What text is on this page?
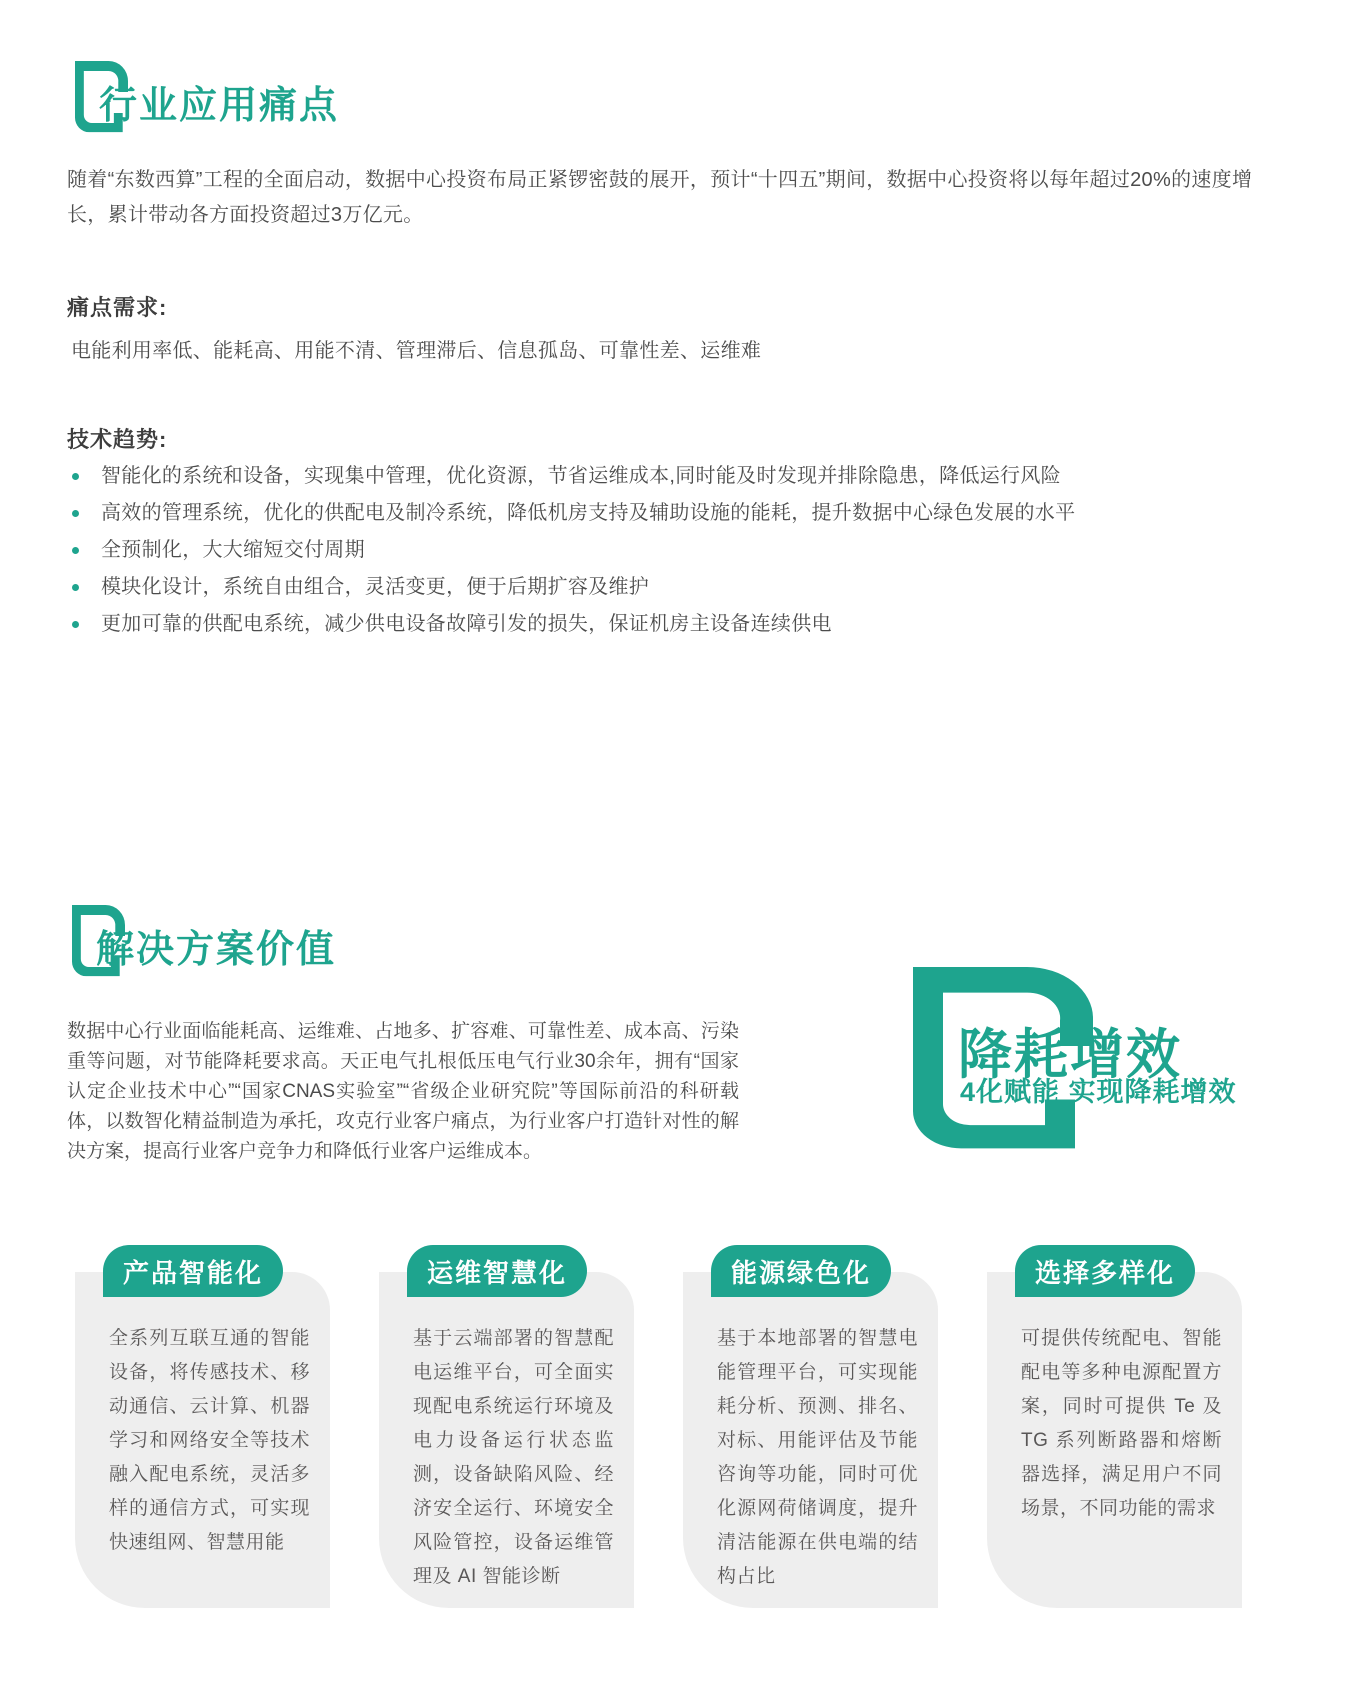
行业应用痛点

随着“东数西算”工程的全面启动，数据中心投资布局正紧锣密鼓的展开，预计“十四五”期间，数据中心投资将以每年超过20%的速度增长，累计带动各方面投资超过3万亿元。

痛点需求:

电能利用率低、能耗高、用能不清、管理滞后、信息孤岛、可靠性差、运维难

技术趋势:
智能化的系统和设备，实现集中管理，优化资源，节省运维成本,同时能及时发现并排除隐患，降低运行风险
高效的管理系统，优化的供配电及制冷系统，降低机房支持及辅助设施的能耗，提升数据中心绿色发展的水平
全预制化，大大缩短交付周期
模块化设计，系统自由组合，灵活变更，便于后期扩容及维护
更加可靠的供配电系统，减少供电设备故障引发的损失，保证机房主设备连续供电
解决方案价值

数据中心行业面临能耗高、运维难、占地多、扩容难、可靠性差、成本高、污染重等问题，对节能降耗要求高。天正电气扎根低压电气行业30余年，拥有“国家认定企业技术中心”“国家CNAS实验室”“省级企业研究院”等国际前沿的科研载体，以数智化精益制造为承托，攻克行业客户痛点，为行业客户打造针对性的解决方案，提高行业客户竞争力和降低行业客户运维成本。

降耗增效
4化赋能 实现降耗增效
产品智能化
全系列互联互通的智能设备，将传感技术、移动通信、云计算、机器学习和网络安全等技术融入配电系统，灵活多样的通信方式，可实现快速组网、智慧用能
运维智慧化
基于云端部署的智慧配电运维平台，可全面实现配电系统运行环境及电力设备运行状态监测，设备缺陷风险、经济安全运行、环境安全风险管控，设备运维管理及 AI 智能诊断
能源绿色化
基于本地部署的智慧电能管理平台，可实现能耗分析、预测、排名、对标、用能评估及节能咨询等功能，同时可优化源网荷储调度，提升清洁能源在供电端的结构占比
选择多样化
可提供传统配电、智能配电等多种电源配置方案，同时可提供 Te 及 TG 系列断路器和熔断器选择，满足用户不同场景，不同功能的需求
